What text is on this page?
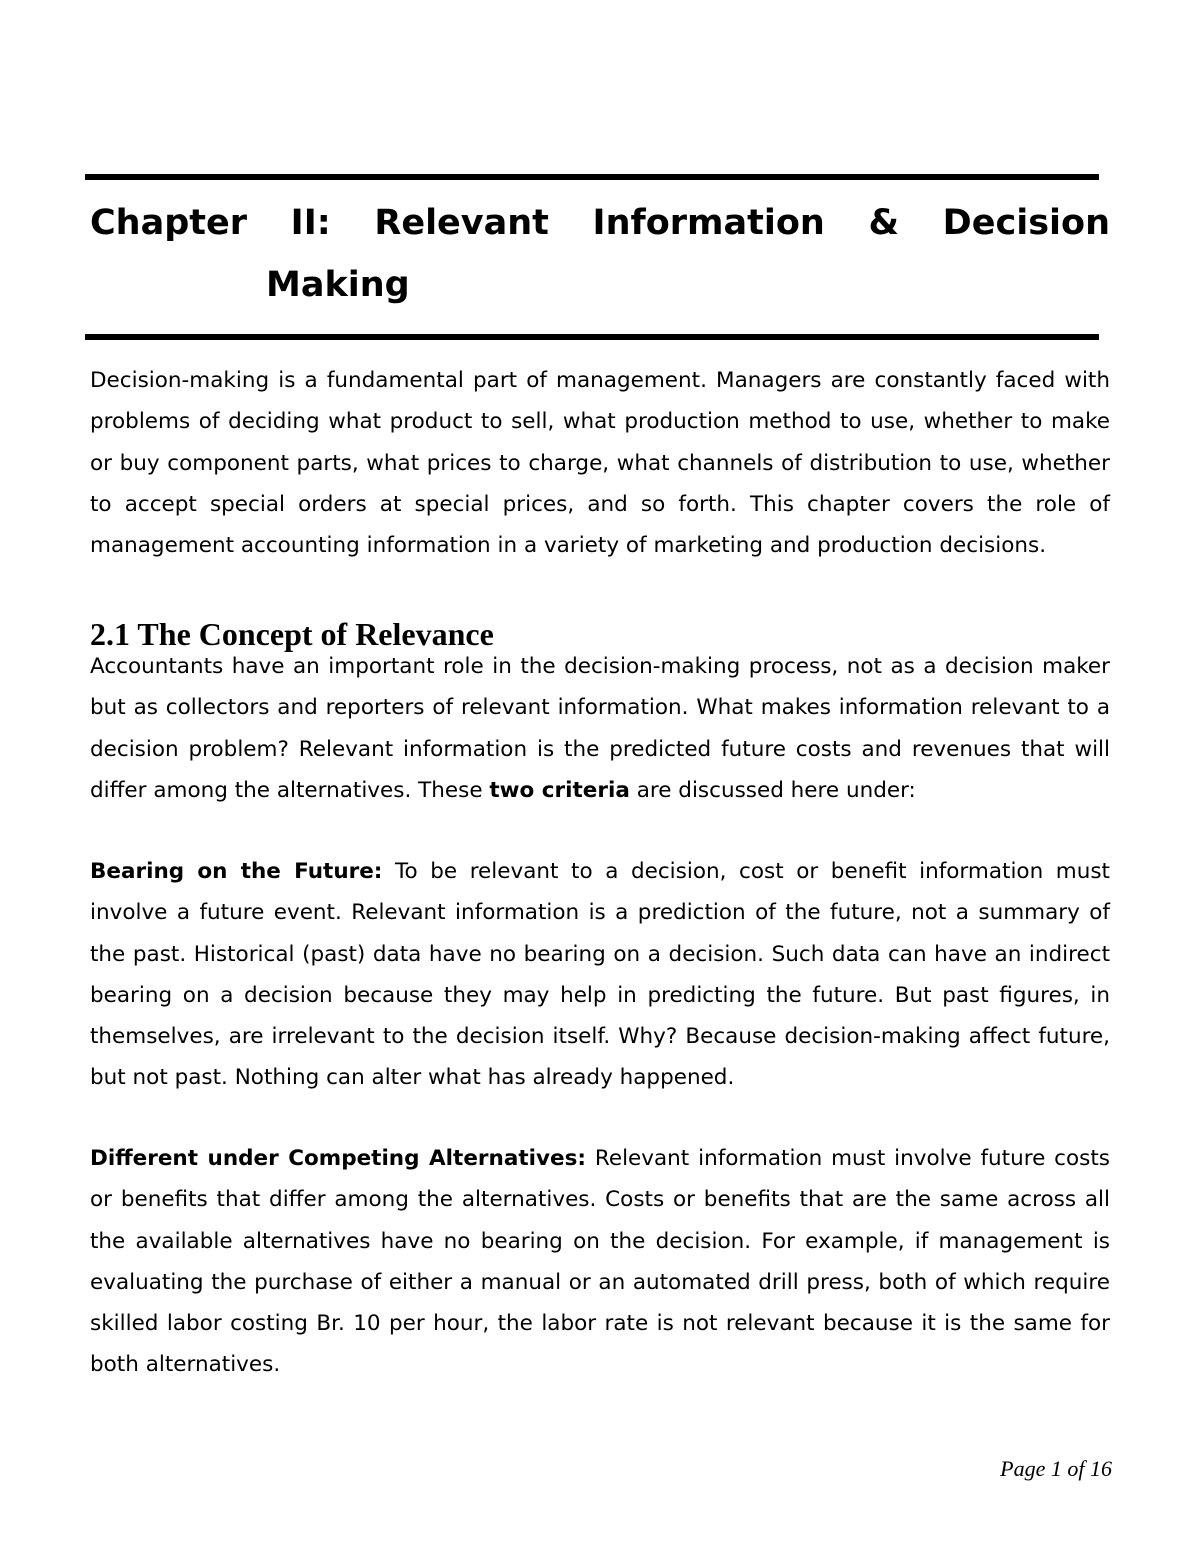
Chapter II: Relevant Information & Decision
Making

Decision-making is a fundamental part of management. Managers are constantly faced with problems of deciding what product to sell, what production method to use, whether to make or buy component parts, what prices to charge, what channels of distribution to use, whether to accept special orders at special prices, and so forth. This chapter covers the role of management accounting information in a variety of marketing and production decisions.

2.1 The Concept of Relevance

Accountants have an important role in the decision-making process, not as a decision maker but as collectors and reporters of relevant information. What makes information relevant to a decision problem? Relevant information is the predicted future costs and revenues that will differ among the alternatives. These two criteria are discussed here under:

Bearing on the Future: To be relevant to a decision, cost or benefit information must involve a future event. Relevant information is a prediction of the future, not a summary of the past. Historical (past) data have no bearing on a decision. Such data can have an indirect bearing on a decision because they may help in predicting the future. But past figures, in themselves, are irrelevant to the decision itself. Why? Because decision-making affect future, but not past. Nothing can alter what has already happened.

Different under Competing Alternatives: Relevant information must involve future costs or benefits that differ among the alternatives. Costs or benefits that are the same across all the available alternatives have no bearing on the decision. For example, if management is evaluating the purchase of either a manual or an automated drill press, both of which require skilled labor costing Br. 10 per hour, the labor rate is not relevant because it is the same for both alternatives.

Page 1 of 16
